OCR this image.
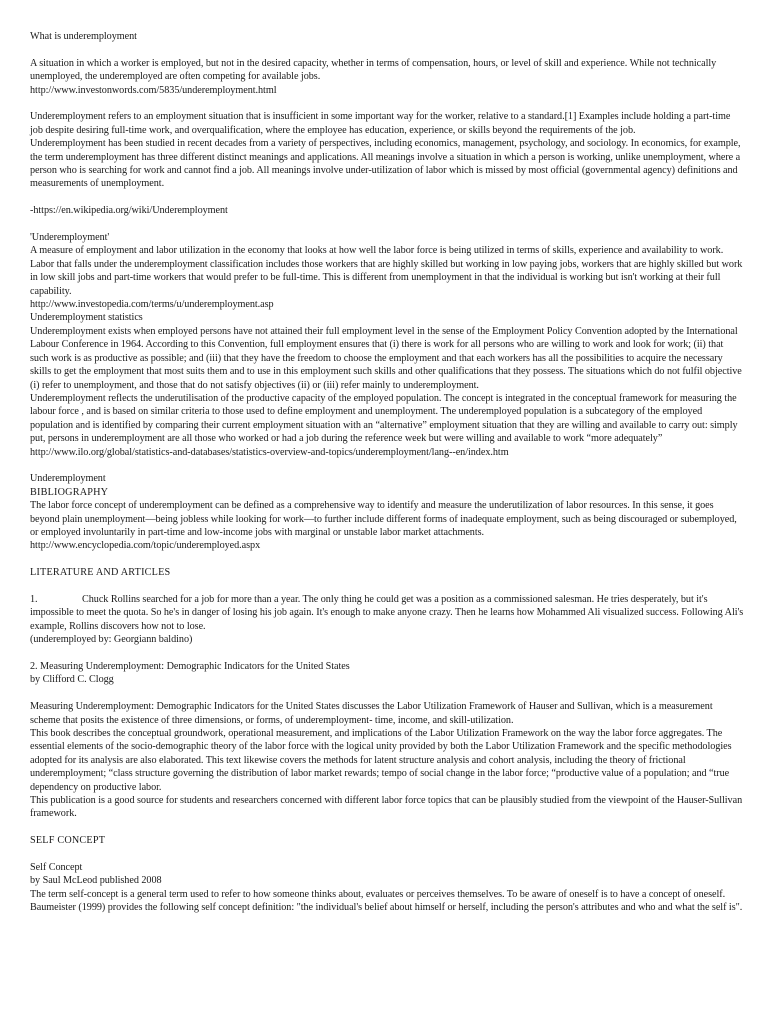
What is underemployment

A situation in which a worker is employed, but not in the desired capacity, whether in terms of compensation, hours, or level of skill and experience. While not technically unemployed, the underemployed are often competing for available jobs.

http://www.investonwords.com/5835/underemployment.html

Underemployment refers to an employment situation that is insufficient in some important way for the worker, relative to a standard.[1] Examples include holding a part-time job despite desiring full-time work, and overqualification, where the employee has education, experience, or skills beyond the requirements of the job.

Underemployment has been studied in recent decades from a variety of perspectives, including economics, management, psychology, and sociology. In economics, for example, the term underemployment has three different distinct meanings and applications. All meanings involve a situation in which a person is working, unlike unemployment, where a person who is searching for work and cannot find a job. All meanings involve under-utilization of labor which is missed by most official (governmental agency) definitions and measurements of unemployment.

-https://en.wikipedia.org/wiki/Underemployment

'Underemployment'

A measure of employment and labor utilization in the economy that looks at how well the labor force is being utilized in terms of skills, experience and availability to work. Labor that falls under the underemployment classification includes those workers that are highly skilled but working in low paying jobs, workers that are highly skilled but work in low skill jobs and part-time workers that would prefer to be full-time. This is different from unemployment in that the individual is working but isn't working at their full capability.

http://www.investopedia.com/terms/u/underemployment.asp

Underemployment statistics

Underemployment exists when employed persons have not attained their full employment level in the sense of the Employment Policy Convention adopted by the International Labour Conference in 1964. According to this Convention, full employment ensures that (i) there is work for all persons who are willing to work and look for work; (ii) that such work is as productive as possible; and (iii) that they have the freedom to choose the employment and that each workers has all the possibilities to acquire the necessary skills to get the employment that most suits them and to use in this employment such skills and other qualifications that they possess. The situations which do not fulfil objective (i) refer to unemployment, and those that do not satisfy objectives (ii) or (iii) refer mainly to underemployment.

Underemployment reflects the underutilisation of the productive capacity of the employed population. The concept is integrated in the conceptual framework for measuring the labour force , and is based on similar criteria to those used to define employment and unemployment. The underemployed population is a subcategory of the employed population and is identified by comparing their current employment situation with an “alternative” employment situation that they are willing and available to carry out: simply put, persons in underemployment are all those who worked or had a job during the reference week but were willing and available to work “more adequately”

http://www.ilo.org/global/statistics-and-databases/statistics-overview-and-topics/underemployment/lang--en/index.htm

Underemployment

BIBLIOGRAPHY

The labor force concept of underemployment can be defined as a comprehensive way to identify and measure the underutilization of labor resources. In this sense, it goes beyond plain unemployment—being jobless while looking for work—to further include different forms of inadequate employment, such as being discouraged or subemployed, or employed involuntarily in part-time and low-income jobs with marginal or unstable labor market attachments.

http://www.encyclopedia.com/topic/underemployed.aspx

LITERATURE AND ARTICLES

1.	Chuck Rollins searched for a job for more than a year. The only thing he could get was a position as a commissioned salesman. He tries desperately, but it's impossible to meet the quota. So he's in danger of losing his job again. It's enough to make anyone crazy. Then he learns how Mohammed Ali visualized success. Following Ali's example, Rollins discovers how not to lose.

(underemployed by: Georgiann baldino)

2. Measuring Underemployment: Demographic Indicators for the United States

by Clifford C. Clogg

Measuring Underemployment: Demographic Indicators for the United States discusses the Labor Utilization Framework of Hauser and Sullivan, which is a measurement scheme that posits the existence of three dimensions, or forms, of underemployment- time, income, and skill-utilization.

This book describes the conceptual groundwork, operational measurement, and implications of the Labor Utilization Framework on the way the labor force aggregates. The essential elements of the socio-demographic theory of the labor force with the logical unity provided by both the Labor Utilization Framework and the specific methodologies adopted for its analysis are also elaborated. This text likewise covers the methods for latent structure analysis and cohort analysis, including the theory of frictional underemployment; “class structure governing the distribution of labor market rewards; tempo of social change in the labor force; “productive value of a population; and “true dependency on productive labor.

This publication is a good source for students and researchers concerned with different labor force topics that can be plausibly studied from the viewpoint of the Hauser-Sullivan framework.

SELF CONCEPT

Self Concept

by Saul McLeod published 2008

The term self-concept is a general term used to refer to how someone thinks about, evaluates or perceives themselves. To be aware of oneself is to have a concept of oneself.

Baumeister (1999) provides the following self concept definition: "the individual's belief about himself or herself, including the person's attributes and who and what the self is".
